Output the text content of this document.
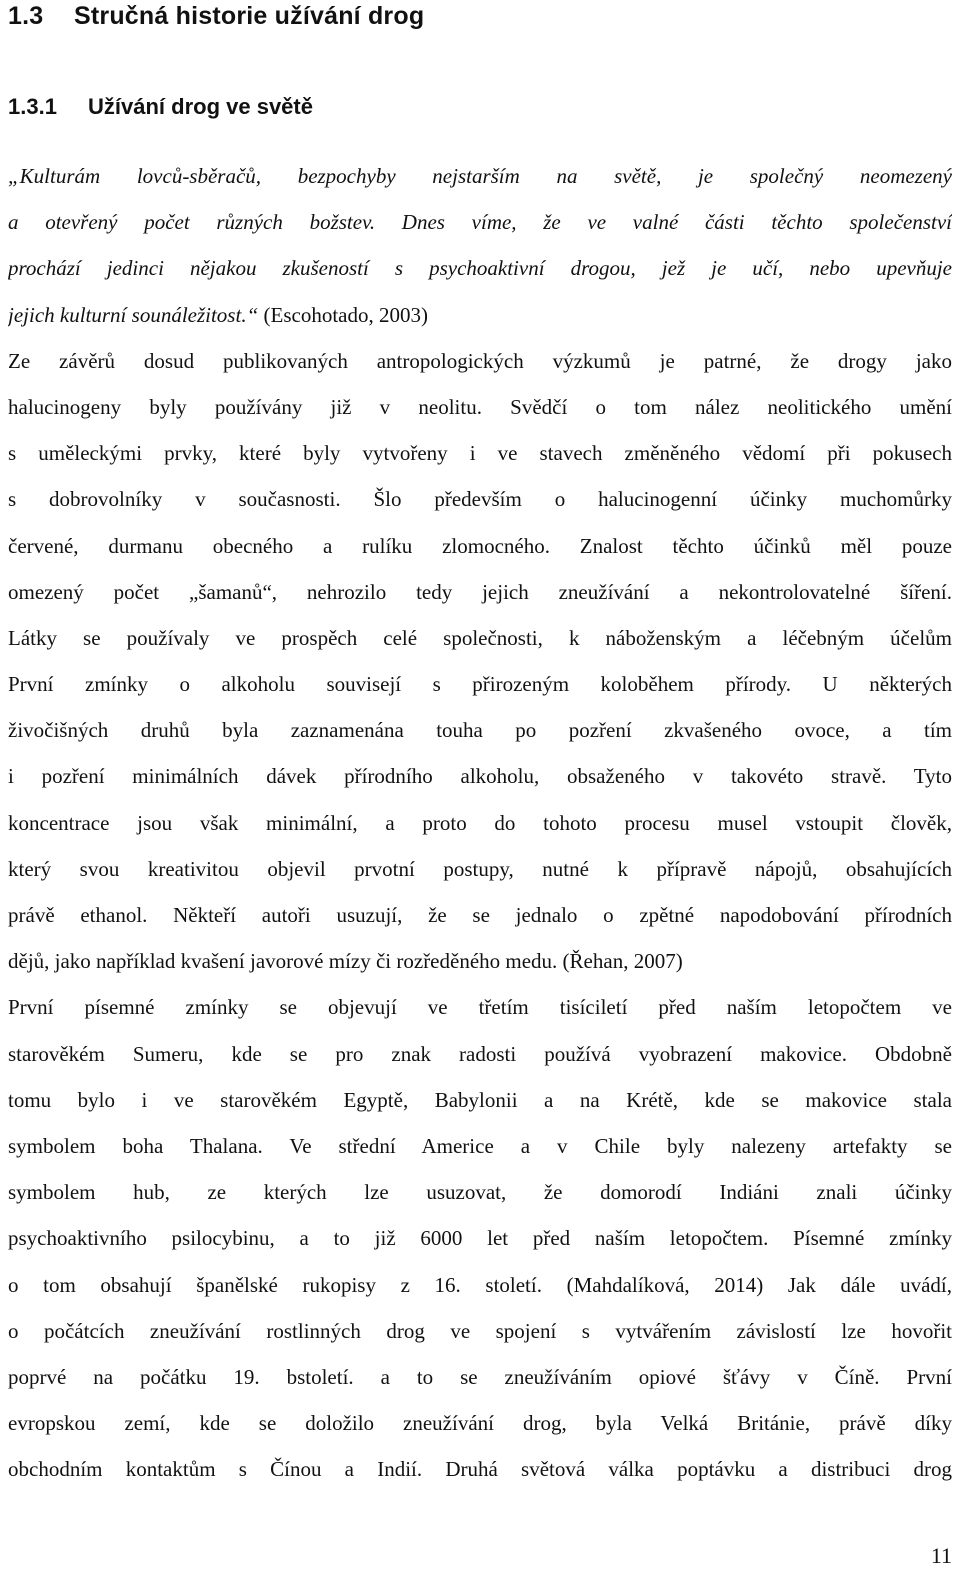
1.3 Stručná historie užívání drog
1.3.1 Užívání drog ve světě
„Kulturám lovců-sběračů, bezpochyby nejstarším na světě, je společný neomezený
a otevřený počet různých božstev. Dnes víme, že ve valné části těchto společenství
prochází jedinci nějakou zkušeností s psychoaktivní drogou, jež je učí, nebo upevňuje
jejich kulturní sounáležitost.“ (Escohotado, 2003)
Ze závěrů dosud publikovaných antropologických výzkumů je patrné, že drogy jako
halucinogeny byly používány již v neolitu. Svědčí o tom nález neolitického umění
s uměleckými prvky, které byly vytvořeny i ve stavech změněného vědomí při pokusech
s dobrovolníky v současnosti. Šlo především o halucinogenní účinky muchomůrky
červené, durmanu obecného a rulíku zlomocného. Znalost těchto účinků měl pouze
omezený počet „šamanů“, nehrozilo tedy jejich zneužívání a nekontrolovatelné šíření.
Látky se používaly ve prospěch celé společnosti, k náboženským a léčebným účelům
První zmínky o alkoholu souvisejí s přirozeným koloběhem přírody. U některých
živočišných druhů byla zaznamenána touha po pozření zkvašeného ovoce, a tím
i pozření minimálních dávek přírodního alkoholu, obsaženého v takovéto stravě. Tyto
koncentrace jsou však minimální, a proto do tohoto procesu musel vstoupit člověk,
který svou kreativitou objevil prvotní postupy, nutné k přípravě nápojů, obsahujících
právě ethanol. Někteří autoři usuzují, že se jednalo o zpětné napodobování přírodních
dějů, jako například kvašení javorové mízy či rozředěného medu. (Řehan, 2007)
První písemné zmínky se objevují ve třetím tisíciletí před naším letopočtem ve
starověkém Sumeru, kde se pro znak radosti používá vyobrazení makovice. Obdobně
tomu bylo i ve starověkém Egyptě, Babylonii a na Krétě, kde se makovice stala
symbolem boha Thalana. Ve střední Americe a v Chile byly nalezeny artefakty se
symbolem hub, ze kterých lze usuzovat, že domorodí Indiáni znali účinky
psychoaktivního psilocybinu, a to již 6000 let před naším letopočtem. Písemné zmínky
o tom obsahují španělské rukopisy z 16. století. (Mahdalíková, 2014) Jak dále uvádí,
o počátcích zneužívání rostlinných drog ve spojení s vytvářením závislostí lze hovořit
poprvé na počátku 19. bstoletí. a to se zneužíváním opiové šťávy v Číně. První
evropskou zemí, kde se doložilo zneužívání drog, byla Velká Británie, právě díky
obchodním kontaktům s Čínou a Indií. Druhá světová válka poptávku a distribuci drog
11
